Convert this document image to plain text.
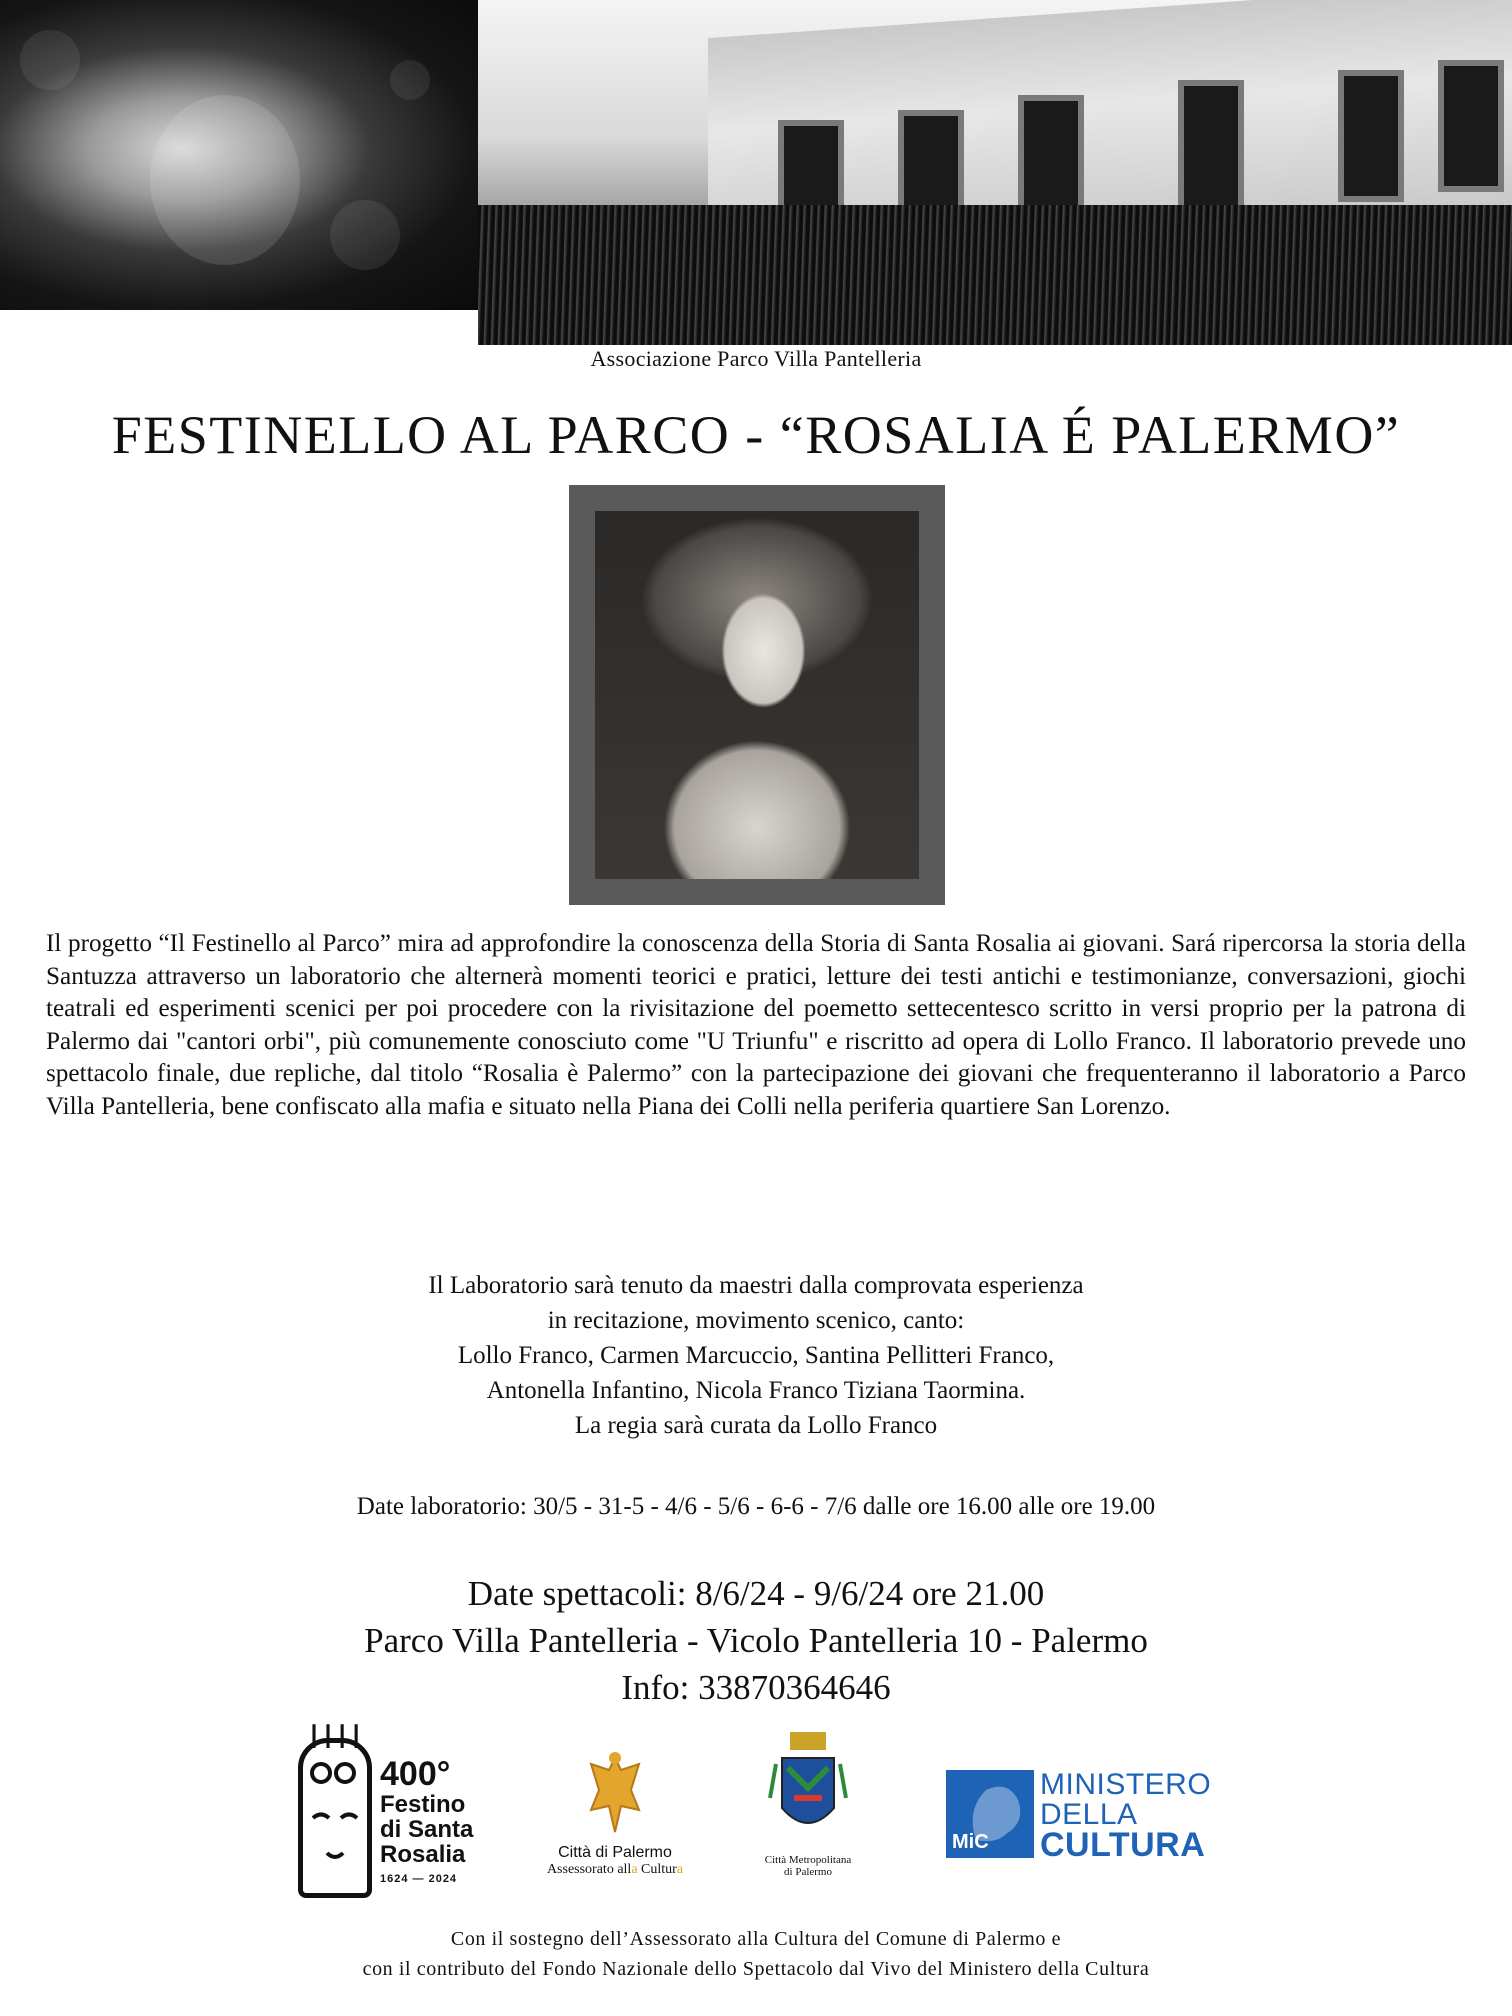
Associazione Parco Villa Pantelleria
FESTINELLO AL PARCO - “ROSALIA É PALERMO”

Il progetto “Il Festinello al Parco” mira ad approfondire la conoscenza della Storia di Santa Rosalia ai giovani. Sará ripercorsa la storia della Santuzza attraverso un laboratorio che alternerà momenti teorici e pratici, letture dei testi antichi e testimonianze, conversazioni, giochi teatrali ed esperimenti scenici per poi procedere con la rivisitazione del poemetto settecentesco scritto in versi proprio per la patrona di Palermo dai "cantori orbi", più comunemente conosciuto come "U Triunfu" e riscritto ad opera di Lollo Franco. Il laboratorio prevede uno spettacolo finale, due repliche, dal titolo “Rosalia è Palermo” con la partecipazione dei giovani che frequenteranno il laboratorio a Parco Villa Pantelleria, bene confiscato alla mafia e situato nella Piana dei Colli nella periferia quartiere San Lorenzo.

Il Laboratorio sarà tenuto da maestri dalla comprovata esperienza
in recitazione, movimento scenico, canto:
Lollo Franco, Carmen Marcuccio, Santina Pellitteri Franco,
Antonella Infantino, Nicola Franco Tiziana Taormina.
La regia sarà curata da Lollo Franco
Date laboratorio: 30/5 - 31-5 - 4/6 - 5/6 - 6-6 - 7/6 dalle ore 16.00 alle ore 19.00
Date spettacoli: 8/6/24 - 9/6/24 ore 21.00
Parco Villa Pantelleria - Vicolo Pantelleria 10 - Palermo
Info: 33870364646
┃┃┃┃
400°
Festino
di Santa
Rosalia
1624 — 2024
Città di Palermo
Assessorato alla Cultura
Città Metropolitana
di Palermo
MiC
MINISTERO
DELLA
CULTURA
Con il sostegno dell’Assessorato alla Cultura del Comune di Palermo e
con il contributo del Fondo Nazionale dello Spettacolo dal Vivo del Ministero della Cultura
